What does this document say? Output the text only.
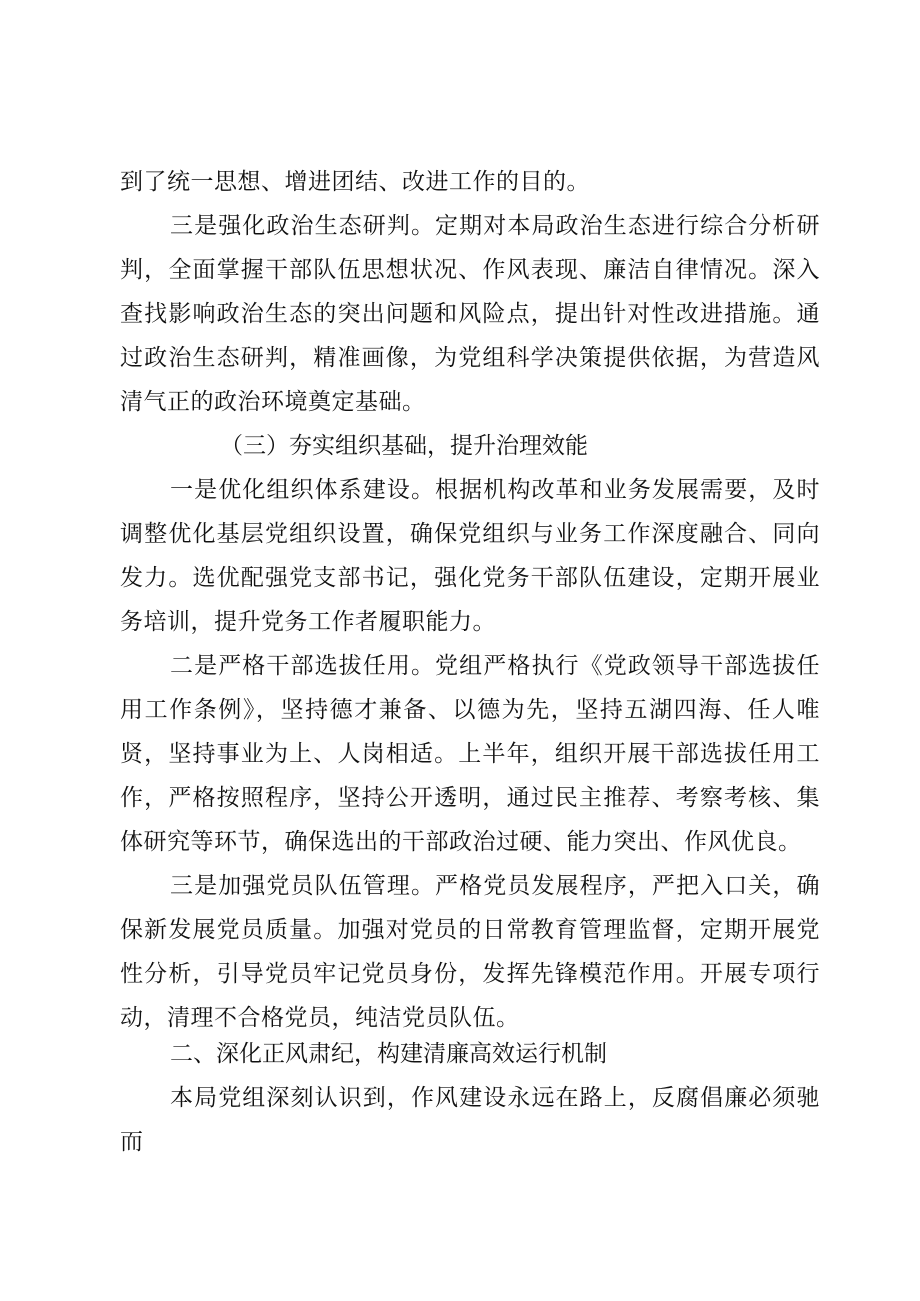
到了统一思想、增进团结、改进工作的目的。

三是强化政治生态研判。定期对本局政治生态进行综合分析研判，全面掌握干部队伍思想状况、作风表现、廉洁自律情况。深入查找影响政治生态的突出问题和风险点，提出针对性改进措施。通过政治生态研判，精准画像，为党组科学决策提供依据，为营造风清气正的政治环境奠定基础。

（三）夯实组织基础，提升治理效能

一是优化组织体系建设。根据机构改革和业务发展需要，及时调整优化基层党组织设置，确保党组织与业务工作深度融合、同向发力。选优配强党支部书记，强化党务干部队伍建设，定期开展业务培训，提升党务工作者履职能力。

二是严格干部选拔任用。党组严格执行《党政领导干部选拔任用工作条例》，坚持德才兼备、以德为先，坚持五湖四海、任人唯贤，坚持事业为上、人岗相适。上半年，组织开展干部选拔任用工作，严格按照程序，坚持公开透明，通过民主推荐、考察考核、集体研究等环节，确保选出的干部政治过硬、能力突出、作风优良。

三是加强党员队伍管理。严格党员发展程序，严把入口关，确保新发展党员质量。加强对党员的日常教育管理监督，定期开展党性分析，引导党员牢记党员身份，发挥先锋模范作用。开展专项行动，清理不合格党员，纯洁党员队伍。

二、深化正风肃纪，构建清廉高效运行机制

本局党组深刻认识到，作风建设永远在路上，反腐倡廉必须驰而
